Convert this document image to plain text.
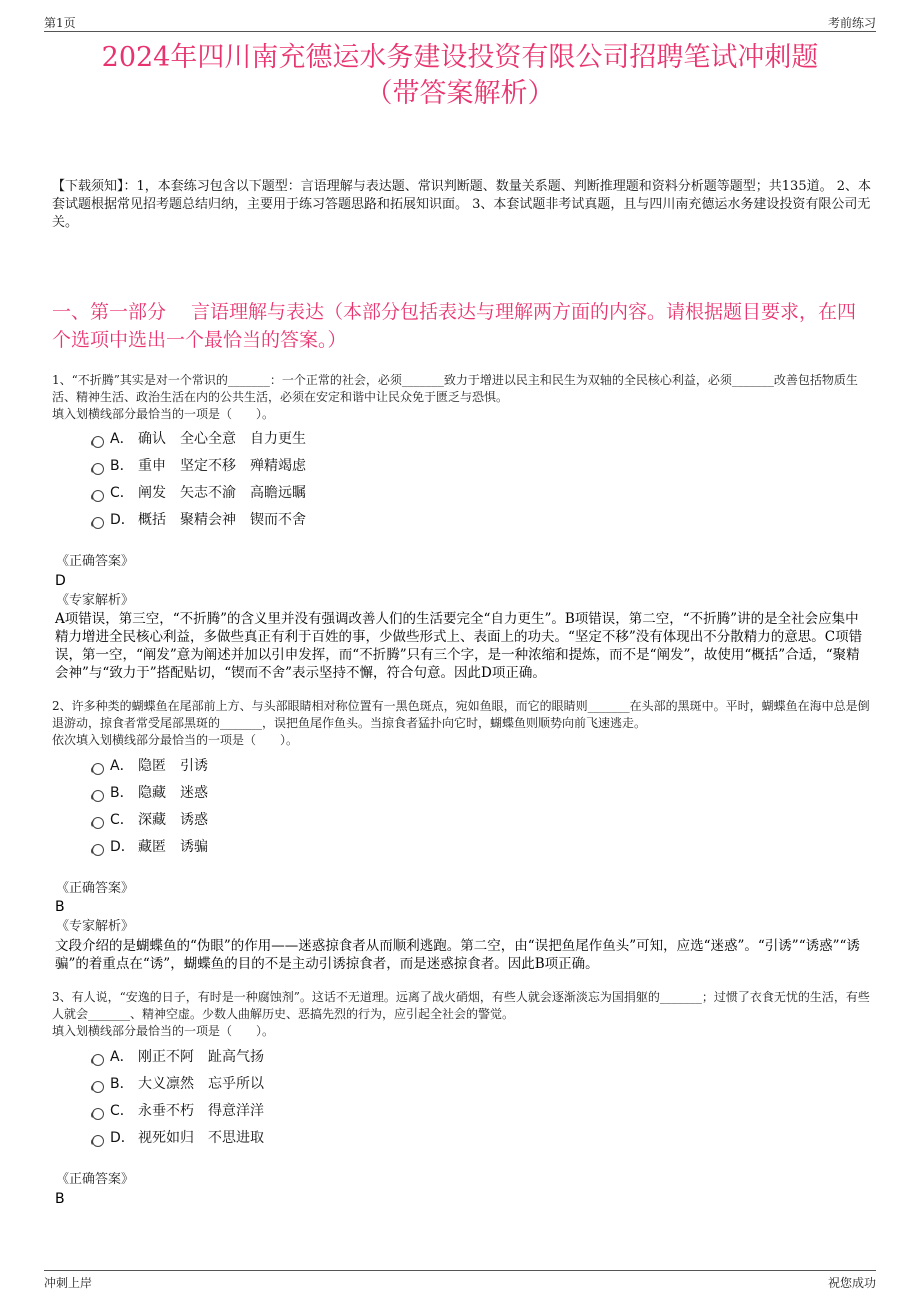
第1页	考前练习
2024年四川南充德运水务建设投资有限公司招聘笔试冲刺题
（带答案解析）
【下载须知】：1，本套练习包含以下题型：言语理解与表达题、常识判断题、数量关系题、判断推理题和资料分析题等题型；共135道。 2、本套试题根据常见招考题总结归纳，主要用于练习答题思路和拓展知识面。 3、本套试题非考试真题，且与四川南充德运水务建设投资有限公司无关。
一、第一部分　 言语理解与表达（本部分包括表达与理解两方面的内容。请根据题目要求，在四个选项中选出一个最恰当的答案。）
1、“不折腾”其实是对一个常识的_______：一个正常的社会，必须_______致力于增进以民主和民生为双轴的全民核心利益，必须_______改善包括物质生活、精神生活、政治生活在内的公共生活，必须在安定和谐中让民众免于匮乏与恐惧。
填入划横线部分最恰当的一项是（　　）。
A． 确认　全心全意　自力更生
B． 重申　坚定不移　殚精竭虑
C． 阐发　矢志不渝　高瞻远瞩
D． 概括　聚精会神　锲而不舍
《正确答案》
D
《专家解析》
A项错误，第三空，“不折腾”的含义里并没有强调改善人们的生活要完全“自力更生”。B项错误，第二空，“不折腾”讲的是全社会应集中精力增进全民核心利益，多做些真正有利于百姓的事，少做些形式上、表面上的功夫。“坚定不移”没有体现出不分散精力的意思。C项错误，第一空，“阐发”意为阐述并加以引申发挥，而“不折腾”只有三个字，是一种浓缩和提炼，而不是“阐发”，故使用“概括”合适，“聚精会神”与“致力于”搭配贴切，“锲而不舍”表示坚持不懈，符合句意。因此D项正确。
2、许多种类的蝴蝶鱼在尾部前上方、与头部眼睛相对称位置有一黑色斑点，宛如鱼眼，而它的眼睛则_______在头部的黑斑中。平时，蝴蝶鱼在海中总是倒退游动，掠食者常受尾部黑斑的_______，误把鱼尾作鱼头。当掠食者猛扑向它时，蝴蝶鱼则顺势向前飞速逃走。
依次填入划横线部分最恰当的一项是（　　）。
A． 隐匿　引诱
B． 隐藏　迷惑
C． 深藏　诱惑
D． 藏匿　诱骗
《正确答案》
B
《专家解析》
文段介绍的是蝴蝶鱼的“伪眼”的作用——迷惑掠食者从而顺利逃跑。第二空，由“误把鱼尾作鱼头”可知，应选“迷惑”。“引诱”“诱惑”“诱骗”的着重点在“诱”，蝴蝶鱼的目的不是主动引诱掠食者，而是迷惑掠食者。因此B项正确。
3、有人说，“安逸的日子，有时是一种腐蚀剂”。这话不无道理。远离了战火硝烟，有些人就会逐渐淡忘为国捐躯的_______；过惯了衣食无忧的生活，有些人就会_______、精神空虚。少数人曲解历史、恶搞先烈的行为，应引起全社会的警觉。
填入划横线部分最恰当的一项是（　　）。
A． 刚正不阿　趾高气扬
B． 大义凛然　忘乎所以
C． 永垂不朽　得意洋洋
D． 视死如归　不思进取
《正确答案》
B
冲刺上岸	祝您成功
